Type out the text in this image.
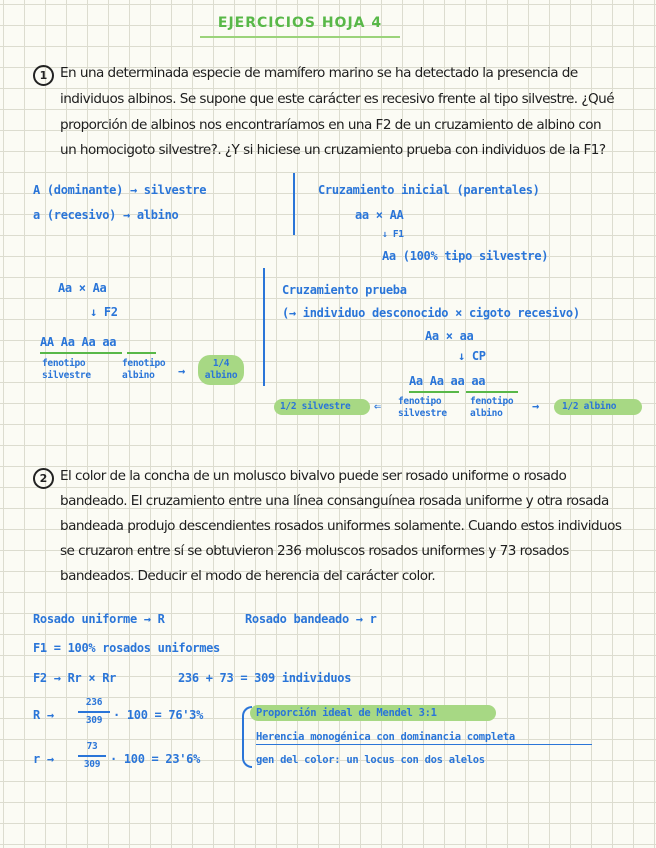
EJERCICIOS HOJA 4
1 En una determinada especie de mamífero marino se ha detectado la presencia de
individuos albinos. Se supone que este carácter es recesivo frente al tipo silvestre. ¿Qué
proporción de albinos nos encontraríamos en una F2 de un cruzamiento de albino con
un homocigoto silvestre?. ¿Y si hiciese un cruzamiento prueba con individuos de la F1?
A (dominante) → silvestre
a (recesivo) → albino
Cruzamiento inicial (parentales)
aa × AA
↓ F1
Aa (100% tipo silvestre)
Aa × Aa
↓ F2
AA Aa Aa aa
fenotipo silvestre
fenotipo albino	→
1/4 albino
Cruzamiento prueba
(→ individuo desconocido × cigoto recesivo)
Aa × aa
↓ CP
Aa Aa aa aa
fenotipo silvestre
fenotipo albino
1/2 silvestre ⇐	→ 1/2 albino
2 El color de la concha de un molusco bivalvo puede ser rosado uniforme o rosado
bandeado. El cruzamiento entre una línea consanguínea rosada uniforme y otra rosada
bandeada produjo descendientes rosados uniformes solamente. Cuando estos individuos
se cruzaron entre sí se obtuvieron 236 moluscos rosados uniformes y 73 rosados
bandeados. Deducir el modo de herencia del carácter color.
Rosado uniforme → R	Rosado bandeado → r
F1 = 100% rosados uniformes
F2 → Rr × Rr	236 + 73 = 309 individuos
R →
236
309 · 100 = 76'3%
r →
73
309 · 100 = 23'6%
Proporción ideal de Mendel 3:1
Herencia monogénica con dominancia completa
gen del color: un locus con dos alelos
